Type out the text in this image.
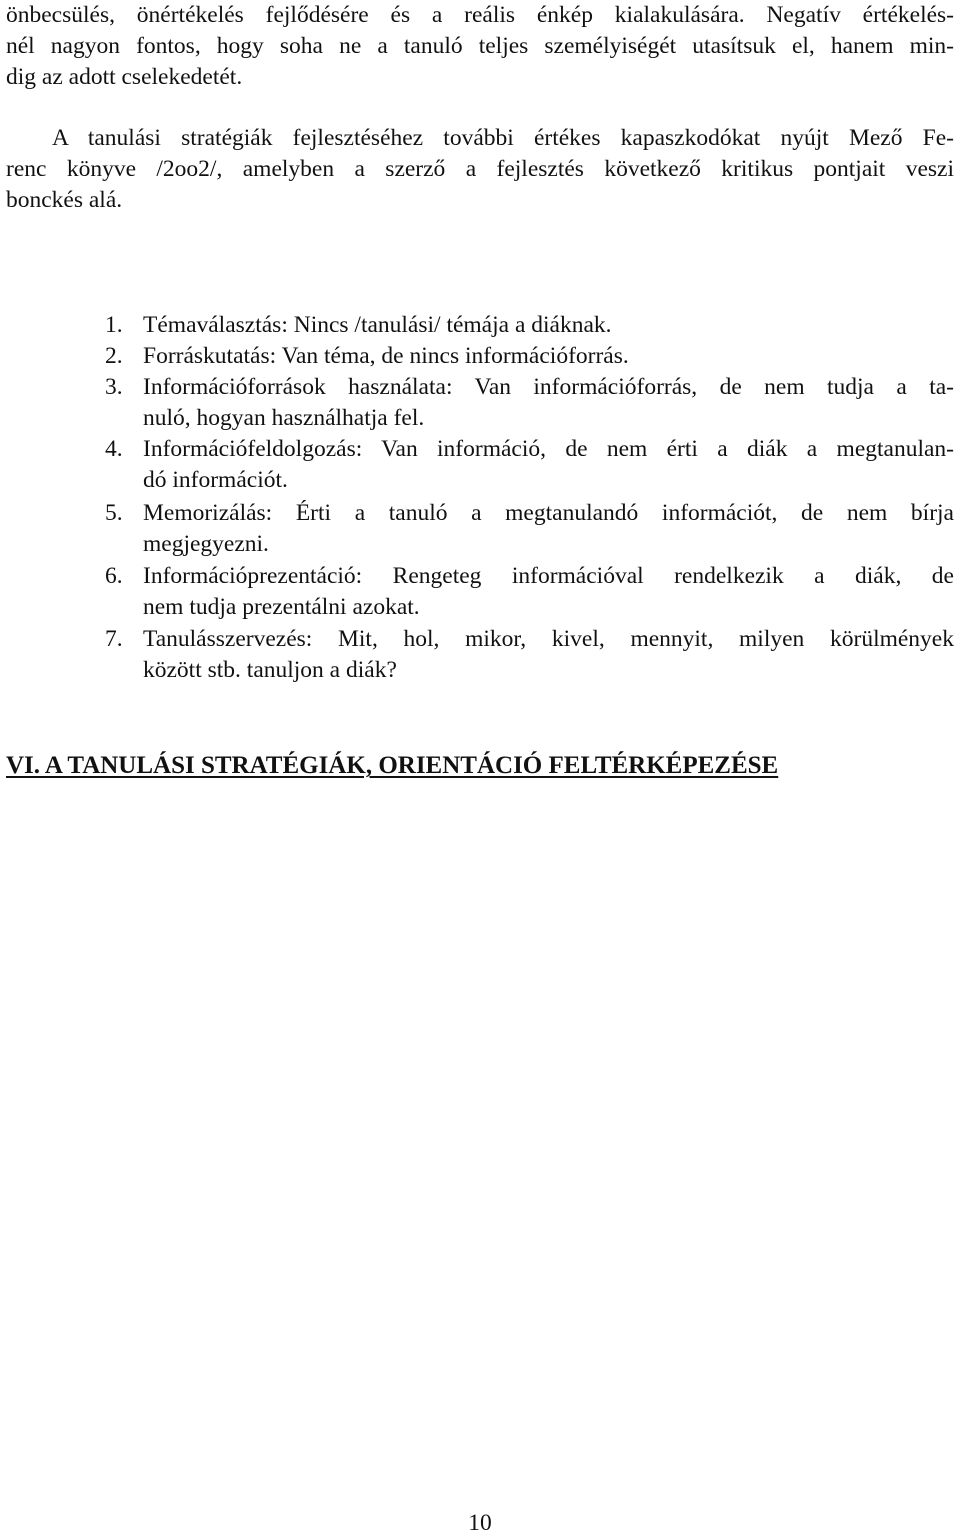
önbecsülés, önértékelés fejlődésére és a reális énkép kialakulására. Negatív értékelés-
nél nagyon fontos, hogy soha ne a tanuló teljes személyiségét utasítsuk el, hanem min-
dig az adott cselekedetét.
A tanulási stratégiák fejlesztéséhez további értékes kapaszkodókat nyújt Mező Fe-
renc könyve /2oo2/, amelyben a szerző a fejlesztés következő kritikus pontjait veszi
bonckés alá.
1. Témaválasztás: Nincs /tanulási/ témája a diáknak.
2. Forráskutatás: Van téma, de nincs információforrás.
3. Információforrások használata: Van információforrás, de nem tudja a ta-
nuló, hogyan használhatja fel.
4. Információfeldolgozás: Van információ, de nem érti a diák a megtanulan-
dó információt.
5. Memorizálás: Érti a tanuló a megtanulandó információt, de nem bírja
megjegyezni.
6. Információprezentáció: Rengeteg információval rendelkezik a diák, de
nem tudja prezentálni azokat.
7. Tanulásszervezés: Mit, hol, mikor, kivel, mennyit, milyen körülmények
között stb. tanuljon a diák?
VI. A TANULÁSI STRATÉGIÁK, ORIENTÁCIÓ FELTÉRKÉPEZÉSE
10
